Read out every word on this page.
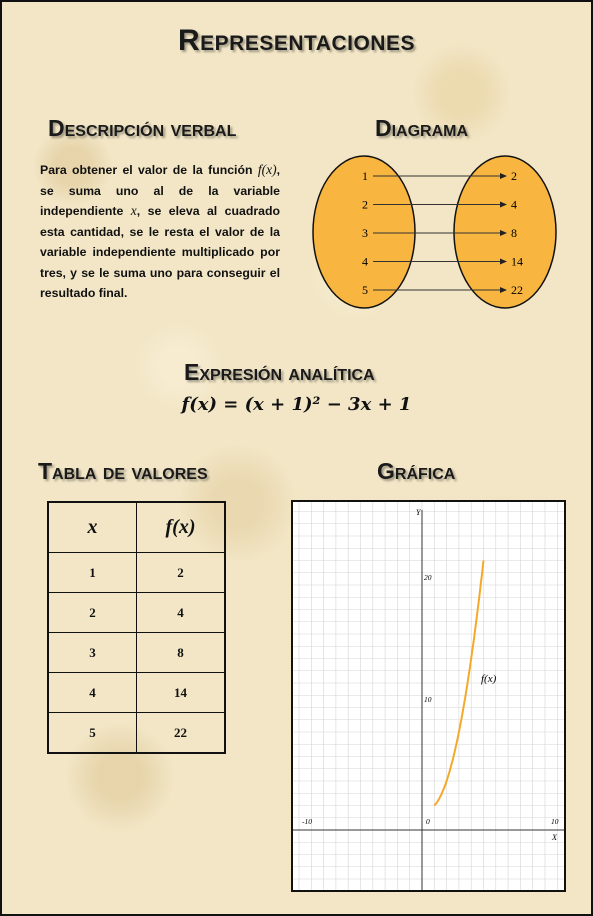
Representaciones
Descripción verbal	Diagrama
Para obtener el valor de la función f(x), se suma uno al de la variable independiente x, se eleva al cuadrado esta cantidad, se le resta el valor de la variable independiente multiplicado por tres, y se le suma uno para conseguir el resultado final.
1	2
2	4
3	8
4	14
5	22
Expresión analítica
f(x) = (x + 1)² − 3x + 1
Tabla de valores	Gráfica
x	f(x)
1	2
2	4
3	8
4	14
5	22
Y
X
-10	0	10
10
20
f(x)
